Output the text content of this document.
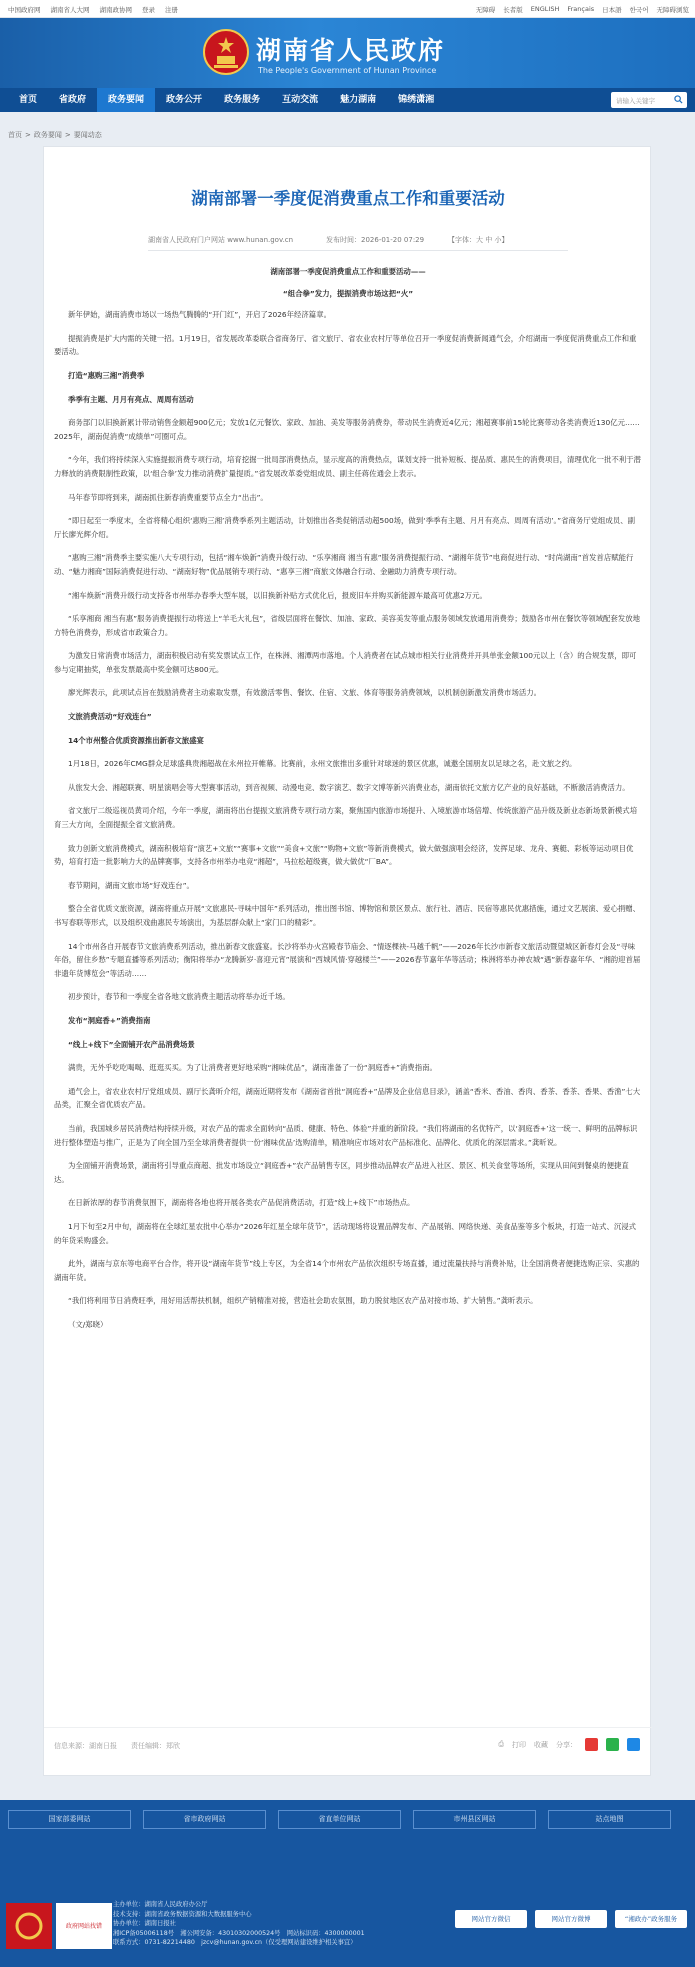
中国政府网 湖南省人大网 湖南政协网 登录 注册	无障碍 长者版 ENGLISH Français 日本語 한국어 无障碍浏览
湖南省人民政府
The People's Government of Hunan Province
首页	省政府	政务要闻	政务公开	政务服务	互动交流	魅力湖南	锦绣潇湘	请输入关键字
首页 > 政务要闻 > 要闻动态
湖南部署一季度促消费重点工作和重要活动
湖南省人民政府门户网站 www.hunan.gov.cn	发布时间：2026-01-20 07:29	【字体：大 中 小】

湖南部署一季度促消费重点工作和重要活动——

“组合拳”发力，提振消费市场这把“火”

新年伊始，湖南消费市场以一场热气腾腾的“开门红”，开启了2026年经济篇章。

提振消费是扩大内需的关键一招。1月19日，省发展改革委联合省商务厅、省文旅厅、省农业农村厅等单位召开一季度促消费新闻通气会，介绍湖南一季度促消费重点工作和重要活动。

打造“惠购三湘”消费季

季季有主题、月月有亮点、周周有活动

商务部门以旧换新累计带动销售金额超900亿元；发放1亿元餐饮、家政、加油、美发等服务消费券，带动民生消费近4亿元；湘超赛事前15轮比赛带动各类消费近130亿元……2025年，湖南促消费“成绩单”可圈可点。

“今年，我们将持续深入实施提振消费专项行动，培育挖掘一批局部消费热点，显示度高的消费热点，谋划支持一批补短板、提品质、惠民生的消费项目，清理优化一批不利于潜力释放的消费限制性政策，以‘组合拳’发力推动消费扩量提质。”省发展改革委党组成员、副主任蒋佐通会上表示。

马年春节即将到来，湖南抓住新春消费重要节点全力“出击”。

“即日起至一季度末，全省将精心组织‘惠购三湘’消费季系列主题活动，计划推出各类促销活动超500场，做到‘季季有主题、月月有亮点、周周有活动’。”省商务厅党组成员、副厅长廖光辉介绍。

“惠购三湘”消费季主要实施八大专项行动，包括“湘车焕新”消费升级行动、“乐享湘商 湘当有惠”服务消费提振行动、“湖湘年货节”电商促进行动、“时尚湖南”首发首店赋能行动、“魅力湘商”国际消费促进行动、“湖南好物”优品展销专项行动、“惠享三湘”商旅文体融合行动、金融助力消费专项行动。

“湘车焕新”消费升级行动支持各市州举办春季大型车展，以旧换新补贴方式优化后，报废旧车并购买新能源车最高可优惠2万元。

“乐享湘商 湘当有惠”服务消费提振行动将送上“羊毛大礼包”，省级层面将在餐饮、加油、家政、美容美发等重点服务领域发放通用消费券；鼓励各市州在餐饮等领域配套发放地方特色消费券，形成省市政策合力。

为激发日常消费市场活力，湖南积极启动有奖发票试点工作，在株洲、湘潭两市落地。个人消费者在试点城市相关行业消费并开具单张金额100元以上（含）的合规发票，即可参与定期抽奖，单张发票最高中奖金额可达800元。

廖光辉表示，此项试点旨在鼓励消费者主动索取发票，有效激活零售、餐饮、住宿、文旅、体育等服务消费领域，以机制创新激发消费市场活力。

文旅消费活动“好戏连台”

14个市州整合优质资源推出新春文旅盛宴

1月18日，2026年CMG群众足球盛典贵湘超战在永州拉开帷幕。比赛前，永州文旅推出多重针对球迷的景区优惠，诚邀全国朋友以足球之名，赴文旅之约。

从旅发大会、湘超联赛、明星演唱会等大型赛事活动，到音视频、动漫电竞、数字演艺、数字文博等新兴消费业态，湖南依托文旅方亿产业的良好基础，不断激活消费活力。

省文旅厅二级巡视员黄司介绍，今年一季度，湖南将出台提振文旅消费专项行动方案，聚焦国内旅游市场提升、入境旅游市场倍增、传统旅游产品升级及新业态新场景新模式培育三大方向，全面提振全省文旅消费。

致力创新文旅消费模式，湖南积极培育“演艺+文旅”“赛事+文旅”“美食+文旅”“购物+文旅”等新消费模式，做大做强演唱会经济，发挥足球、龙舟、赛艇、彩板等运动项目优势，培育打造一批影响力大的品牌赛事，支持各市州举办电竞“湘超”，马拉松超级赛，做大做优“厂BA”。

春节期间，湖南文旅市场“好戏连台”。

整合全省优质文旅资源，湖南将重点开展“文旅惠民-寻味中国年”系列活动，推出图书馆、博物馆和景区景点、旅行社、酒店、民宿等惠民优惠措施，通过文艺展演、爱心捐赠、书写春联等形式，以及组织戏曲惠民专场演出，为基层群众献上“家门口的精彩”。

14个市州各自开展春节文旅消费系列活动，推出新春文旅盛宴。长沙将举办火宫殿春节庙会、“情逐棵袂-马越千帆”——2026年长沙市新春文旅活动暨望城区新春灯会及“寻味年俗，留住乡愁”专题直播等系列活动；衡阳将举办“龙腾新岁·喜迎元宵”展演和“西城风情·穿越楼兰”——2026春节嘉年华等活动；株洲将举办神农城“遇”新春嘉年华、“湘韵迎首届非遗年货博览会”等活动……

初步预计，春节和一季度全省各地文旅消费主题活动将举办近千场。

发布“洞庭香+”消费指南

“线上+线下”全面铺开农产品消费场景

满贵，无外乎吃吃喝喝、逛逛买买。为了让消费者更好地采购“湘味优品”，湖南准备了一份“洞庭香+”消费指南。

通气会上，省农业农村厅党组成员、副厅长龚昕介绍，湖南近期将发布《湖南省首批“洞庭香+”品牌及企业信息目录》，涵盖“香米、香油、香肉、香茶、香茶、香果、香渔”七大品类，汇聚全省优质农产品。

当前，我国城乡居民消费结构持续升级，对农产品的需求全面转向“品质、健康、特色、体验”并重的新阶段。“我们将湖南的名优特产，以‘洞庭香+’这一统一、鲜明的品牌标识进行整体塑造与推广，正是为了向全国乃至全球消费者提供一份‘湘味优品’选购清单，精准响应市场对农产品标准化、品牌化、优质化的深层需求。”龚昕说。

为全面铺开消费场景，湖南将引导重点商超、批发市场设立“洞庭香+”农产品销售专区，同步推动品牌农产品进入社区、景区、机关食堂等场所，实现从田间到餐桌的便捷直达。

在日新浓厚的春节消费氛围下，湖南将各地也将开展各类农产品促消费活动，打造“线上+线下”市场热点。

1月下旬至2月中旬，湖南将在全球红星农批中心举办“2026年红星全球年货节”，活动现场将设置品牌发布、产品展销、网络快递、美食品鉴等多个板块，打造一站式、沉浸式的年货采购盛会。

此外，湖南与京东等电商平台合作，将开设“湖南年货节”线上专区，为全省14个市州农产品依次组织专场直播，通过流量扶持与消费补贴，让全国消费者便捷选购正宗、实惠的湖南年货。

“我们将利用节日消费旺季，用好用活帮扶机制，组织产销精准对接，营造社会助农氛围，助力脱贫地区农产品对接市场、扩大销售。”龚昕表示。

（文/郑晓）

信息来源：湖南日报　　责任编辑：郑欣	⎙ 打印 收藏 分享：
国家部委网站	省市政府网站	省直单位网站	市州县区网站	站点地图
政府网站找错
主办单位：湖南省人民政府办公厅
技术支持：湖南省政务数据资源和大数据服务中心
协办单位：湖南日报社
湘ICP备05006118号　湘公网安备：43010302000524号　网站标识码：4300000001
联系方式：0731-82214480　jzcv@hunan.gov.cn（仅受理网站建设维护相关事宜）
网站官方微信	网站官方微博	“湘政办”政务服务
